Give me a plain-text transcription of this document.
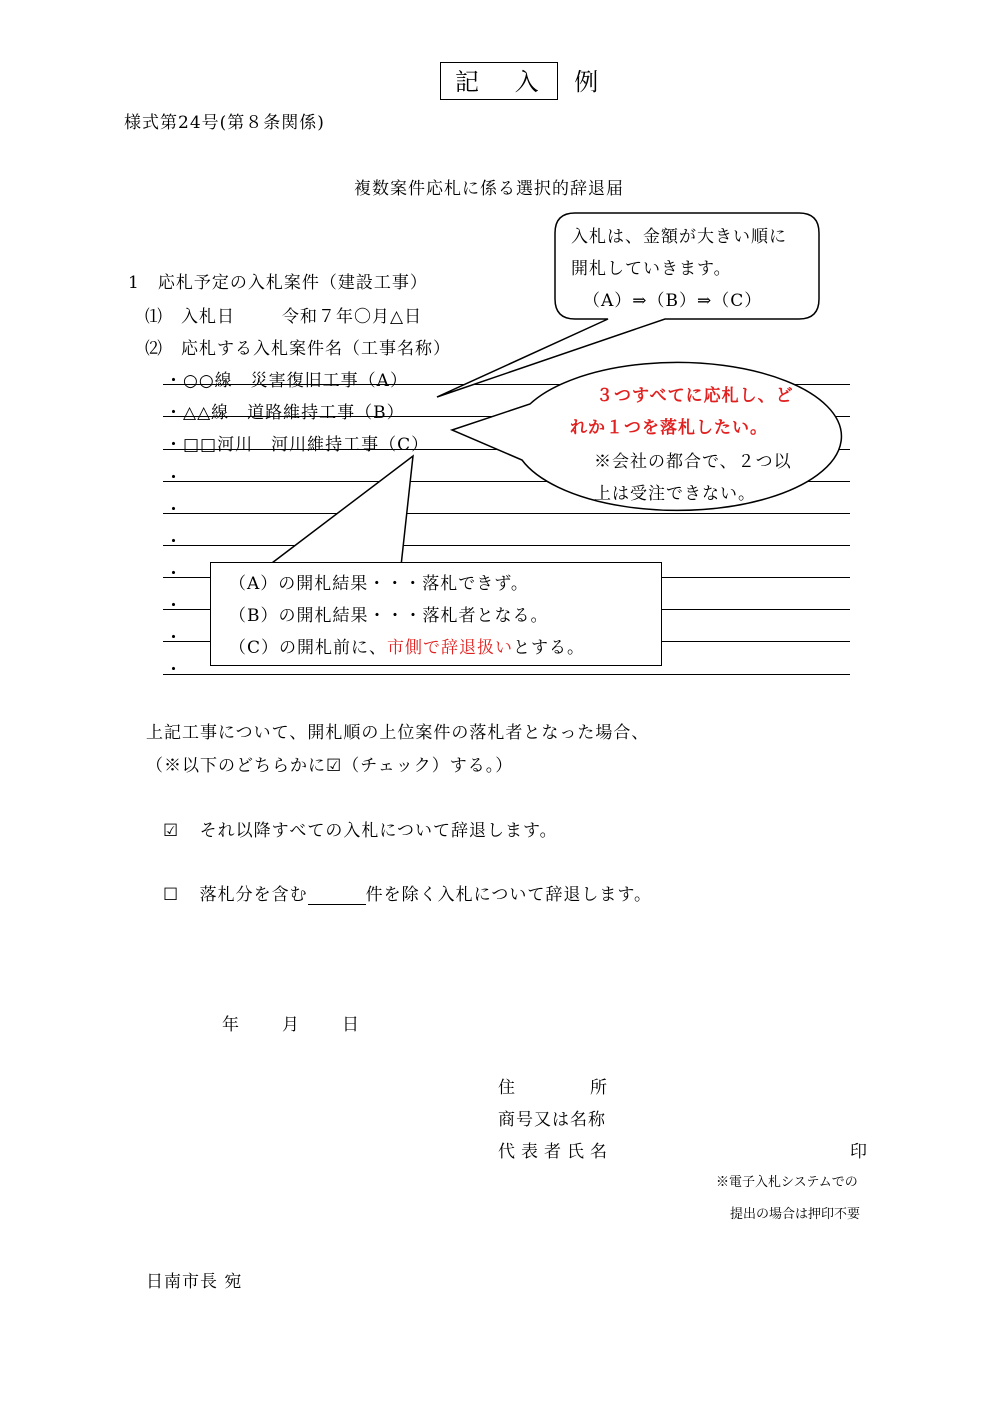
記 入 例
様式第24号(第８条関係)
複数案件応札に係る選択的辞退届
1　応札予定の入札案件（建設工事）
⑴　入札日	令和７年〇月△日
⑵　応札する入札案件名（工事名称）
・○○線　災害復旧工事（A）
・△△線　道路維持工事（B）
・□□河川　河川維持工事（C）
・
・
・
・
・
・
・
入札は、金額が大きい順に
開札していきます。
（A）⇒（B）⇒（C）
３つすべてに応札し、ど
れか１つを落札したい。
※会社の都合で、２つ以
上は受注できない。
（A）の開札結果・・・落札できず。
（B）の開札結果・・・落札者となる。
（C）の開札前に、市側で辞退扱いとする。
上記工事について、開札順の上位案件の落札者となった場合、
（※以下のどちらかに☑（チェック）する。）
☑ それ以降すべての入札について辞退します。
☐ 落札分を含む	件を除く入札について辞退します。
年 月 日
住　　　所
商号又は名称
代表者氏名	印
※電子入札システムでの
提出の場合は押印不要
日南市長 宛
